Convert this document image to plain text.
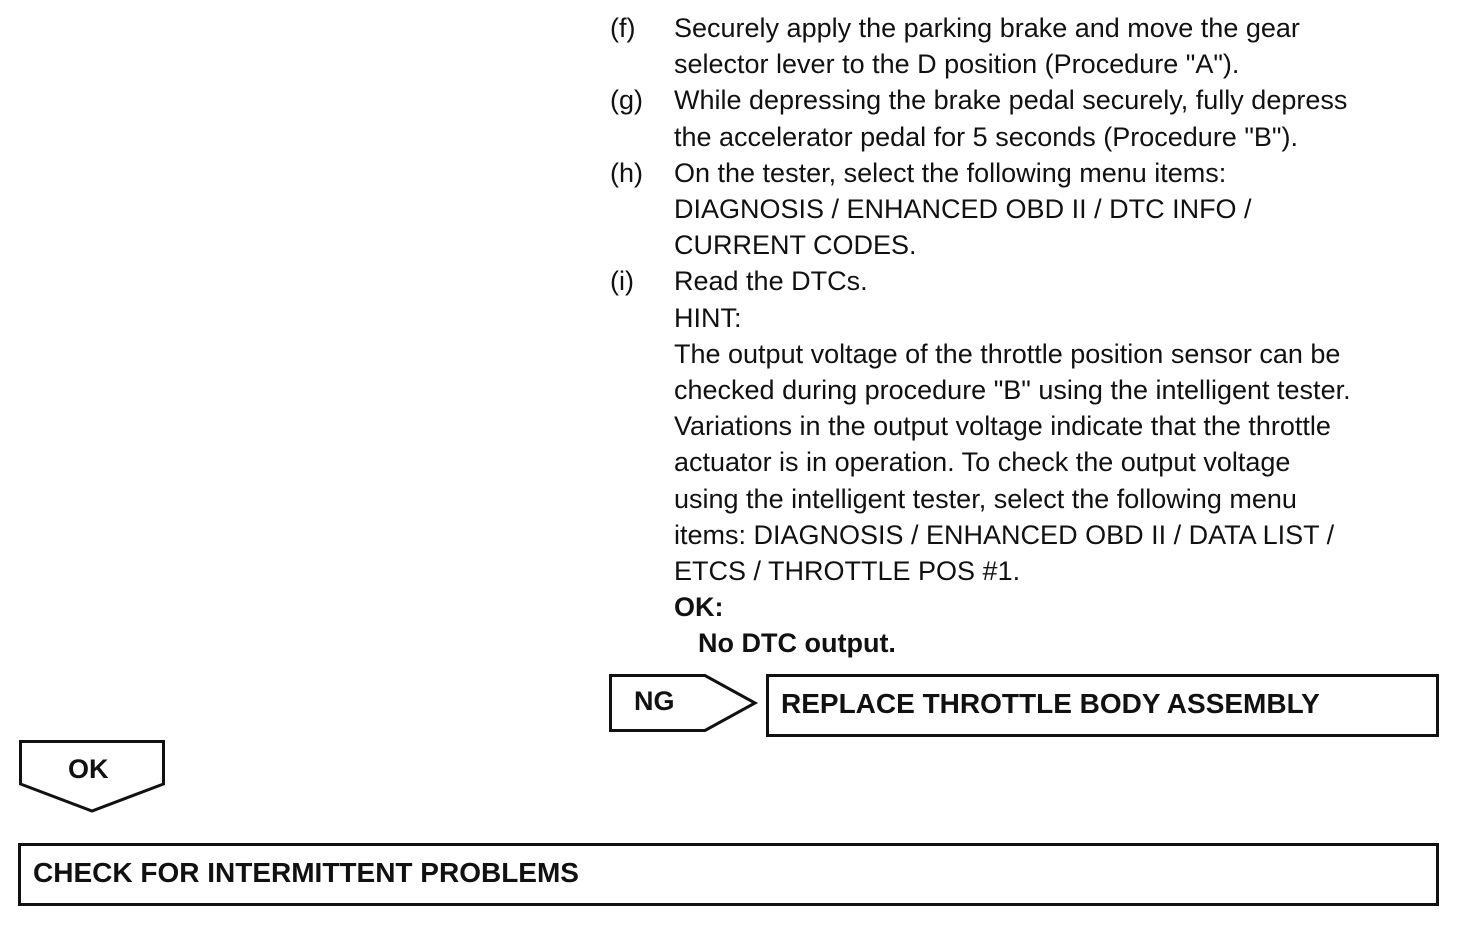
(f) Securely apply the parking brake and move the gear
selector lever to the D position (Procedure "A").
(g) While depressing the brake pedal securely, fully depress
the accelerator pedal for 5 seconds (Procedure "B").
(h) On the tester, select the following menu items:
DIAGNOSIS / ENHANCED OBD II / DTC INFO /
CURRENT CODES.
(i) Read the DTCs.
HINT:
The output voltage of the throttle position sensor can be
checked during procedure "B" using the intelligent tester.
Variations in the output voltage indicate that the throttle
actuator is in operation. To check the output voltage
using the intelligent tester, select the following menu
items: DIAGNOSIS / ENHANCED OBD II / DATA LIST /
ETCS / THROTTLE POS #1.
OK:
No DTC output.
NG	REPLACE THROTTLE BODY ASSEMBLY
OK
CHECK FOR INTERMITTENT PROBLEMS
